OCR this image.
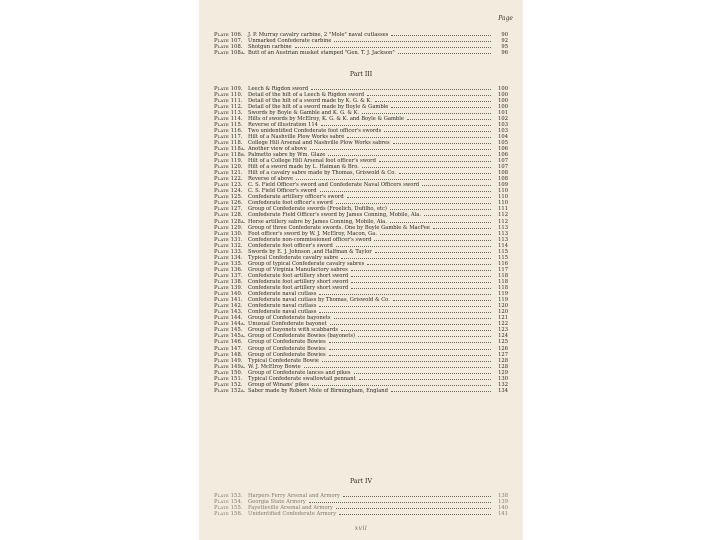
Page
Plate 106.	J. P. Murray cavalry carbine, 2 "Mole" naval cutlasses	90
Plate 107.	Unmarked Confederate carbine	92
Plate 108.	Shotgun carbine	95
Plate 108a. Butt of an Austrian musket stamped "Gen. T. J. Jackson"	96
Part III
Plate 109.	Leech & Rigdon sword	100
Plate 110.	Detail of the hilt of a Leech & Rigdon sword	100
Plate 111.	Detail of the hilt of a sword made by K. G. & K.	100
Plate 112.	Detail of the hilt of a sword made by Boyle & Gamble	100
Plate 113.	Swords by Boyle & Gamble and K. G. & K.	101
Plate 114.	Hilts of swords by McElroy, K. G. & K. and Boyle & Gamble	102
Plate 115.	Reverse of illustration 114	103
Plate 116.	Two unidentified Confederate foot officer's swords	103
Plate 117.	Hilt of a Nashville Plow Works sabre	104
Plate 118.	College Hill Arsenal and Nashville Plow Works sabres	105
Plate 118a. Another view of above	106
Plate 118b. Palmetto sabre by Wm. Glaze	106
Plate 119.	Hilt of a College Hill Arsenal foot officer's sword	107
Plate 120.	Hilt of a sword made by L. Haiman & Bro.	107
Plate 121.	Hilt of a cavalry sabre made by Thomas, Griswold & Co.	108
Plate 122.	Reverse of above	108
Plate 123.	C. S. Field Officer's sword and Confederate Naval Officers sword	109
Plate 124.	C. S. Field Officer's sword	110
Plate 125.	Confederate artillery officer's sword	110
Plate 126.	Confederate foot officer's sword	110
Plate 127.	Group of Confederate swords (Froelich, Dufilho, etc)	111
Plate 128.	Confederate Field Officer's sword by James Conning, Mobile, Ala.	112
Plate 128a. Horse artillery sabre by James Conning, Mobile, Ala.	112
Plate 129.	Group of three Confederate swords. One by Boyle Gamble & MacFee	113
Plate 130.	Foot officer's sword by W. J. McElroy, Macon, Ga.	113
Plate 131.	Confederate non-commissioned officer's sword	113
Plate 132.	Confederate foot officer's sword	114
Plate 133.	Swords by E. J. Johnson ,and Halfman & Taylor	115
Plate 134.	Typical Confederate cavalry sabre	115
Plate 135.	Group of typical Confederate cavalry sabres	116
Plate 136.	Group of Virginia Manufactory sabres	117
Plate 137.	Confederate foot artillery short sword	118
Plate 138.	Confederate foot artillery short sword	118
Plate 139.	Confederate foot artillery short sword	118
Plate 140.	Confederate naval cutlass	119
Plate 141.	Confederate naval cutlass by Thomas, Griswold & Co.	119
Plate 142.	Confederate naval cutlass	120
Plate 143.	Confederate naval cutlass	120
Plate 144.	Group of Confederate bayonets	121
Plate 144a. Unusual Confederate bayonet	122
Plate 145.	Group of bayonets with scabbards	123
Plate 145a. Group of Confederate Bowies (bayonets)	124
Plate 146.	Group of Confederate Bowies	125
Plate 147.	Group of Confederate Bowies	126
Plate 148.	Group of Confederate Bowies	127
Plate 149.	Typical Confederate Bowie	128
Plate 149a. W. J. McElroy Bowie	128
Plate 150.	Group of Confederate lances and pikes	129
Plate 151.	Typical Confederate swallowtail pennant	130
Plate 152.	Group of Winans' pikes	132
Plate 152a. Saber made by Robert Mole of Birmingham, England	134
Part IV
Plate 153.	Harpers Ferry Arsenal and Armory	138
Plate 154.	Georgia State Armory	139
Plate 155.	Fayetteville Arsenal and Armory	140
Plate 156.	Unidentified Confederate Armory	141
xvii
